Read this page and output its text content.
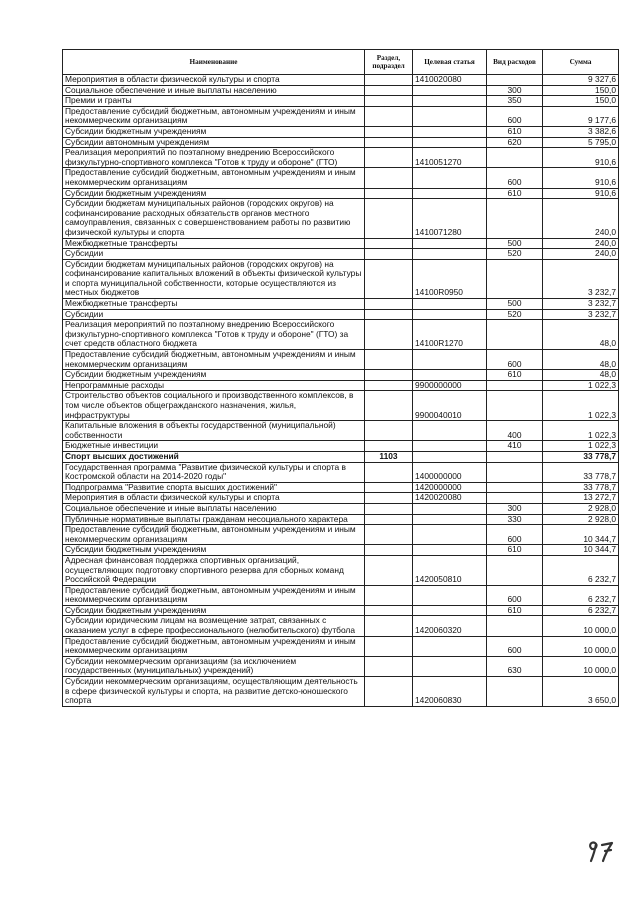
Наименование	Раздел, подраздел	Целевая статья	Вид расходов	Сумма
Мероприятия в области физической культуры и спорта		1410020080		9 327,6
Социальное обеспечение и иные выплаты населению			300	150,0
Премии и гранты			350	150,0
Предоставление субсидий бюджетным, автономным учреждениям и иным некоммерческим организациям			600	9 177,6
Субсидии бюджетным учреждениям			610	3 382,6
Субсидии автономным учреждениям			620	5 795,0
Реализация мероприятий по поэтапному внедрению Всероссийского физкультурно-спортивного комплекса "Готов к труду и обороне" (ГТО)		1410051270		910,6
Предоставление субсидий бюджетным, автономным учреждениям и иным некоммерческим организациям			600	910,6
Субсидии бюджетным учреждениям			610	910,6
Субсидии бюджетам муниципальных районов (городских округов) на софинансирование расходных обязательств органов местного самоуправления, связанных с совершенствованием работы по развитию физической культуры и спорта		1410071280		240,0
Межбюджетные трансферты			500	240,0
Субсидии			520	240,0
Субсидии бюджетам муниципальных районов (городских округов) на софинансирование капитальных вложений в объекты физической культуры и спорта муниципальной собственности, которые осуществляются из местных бюджетов		14100R0950		3 232,7
Межбюджетные трансферты			500	3 232,7
Субсидии			520	3 232,7
Реализация мероприятий по поэтапному внедрению Всероссийского физкультурно-спортивного комплекса "Готов к труду и обороне" (ГТО) за счет средств областного бюджета		14100R1270		48,0
Предоставление субсидий бюджетным, автономным учреждениям и иным некоммерческим организациям			600	48,0
Субсидии бюджетным учреждениям			610	48,0
Непрограммные расходы		9900000000		1 022,3
Строительство объектов социального и производственного комплексов, в том числе объектов общегражданского назначения, жилья, инфраструктуры		9900040010		1 022,3
Капитальные вложения в объекты государственной (муниципальной) собственности			400	1 022,3
Бюджетные инвестиции			410	1 022,3
Спорт высших достижений	1103			33 778,7
Государственная программа "Развитие физической культуры и спорта в Костромской области на 2014-2020 годы"		1400000000		33 778,7
Подпрограмма "Развитие спорта высших достижений"		1420000000		33 778,7
Мероприятия в области физической культуры и спорта		1420020080		13 272,7
Социальное обеспечение и иные выплаты населению			300	2 928,0
Публичные нормативные выплаты гражданам несоциального характера			330	2 928,0
Предоставление субсидий бюджетным, автономным учреждениям и иным некоммерческим организациям			600	10 344,7
Субсидии бюджетным учреждениям			610	10 344,7
Адресная финансовая поддержка спортивных организаций, осуществляющих подготовку спортивного резерва для сборных команд Российской Федерации		1420050810		6 232,7
Предоставление субсидий бюджетным, автономным учреждениям и иным некоммерческим организациям			600	6 232,7
Субсидии бюджетным учреждениям			610	6 232,7
Субсидии юридическим лицам на возмещение затрат, связанных с оказанием услуг в сфере профессионального (нелюбительского) футбола		1420060320		10 000,0
Предоставление субсидий бюджетным, автономным учреждениям и иным некоммерческим организациям			600	10 000,0
Субсидии некоммерческим организациям (за исключением государственных (муниципальных) учреждений)			630	10 000,0
Субсидии некоммерческим организациям, осуществляющим деятельность в сфере физической культуры и спорта, на развитие детско-юношеского спорта		1420060830		3 650,0
